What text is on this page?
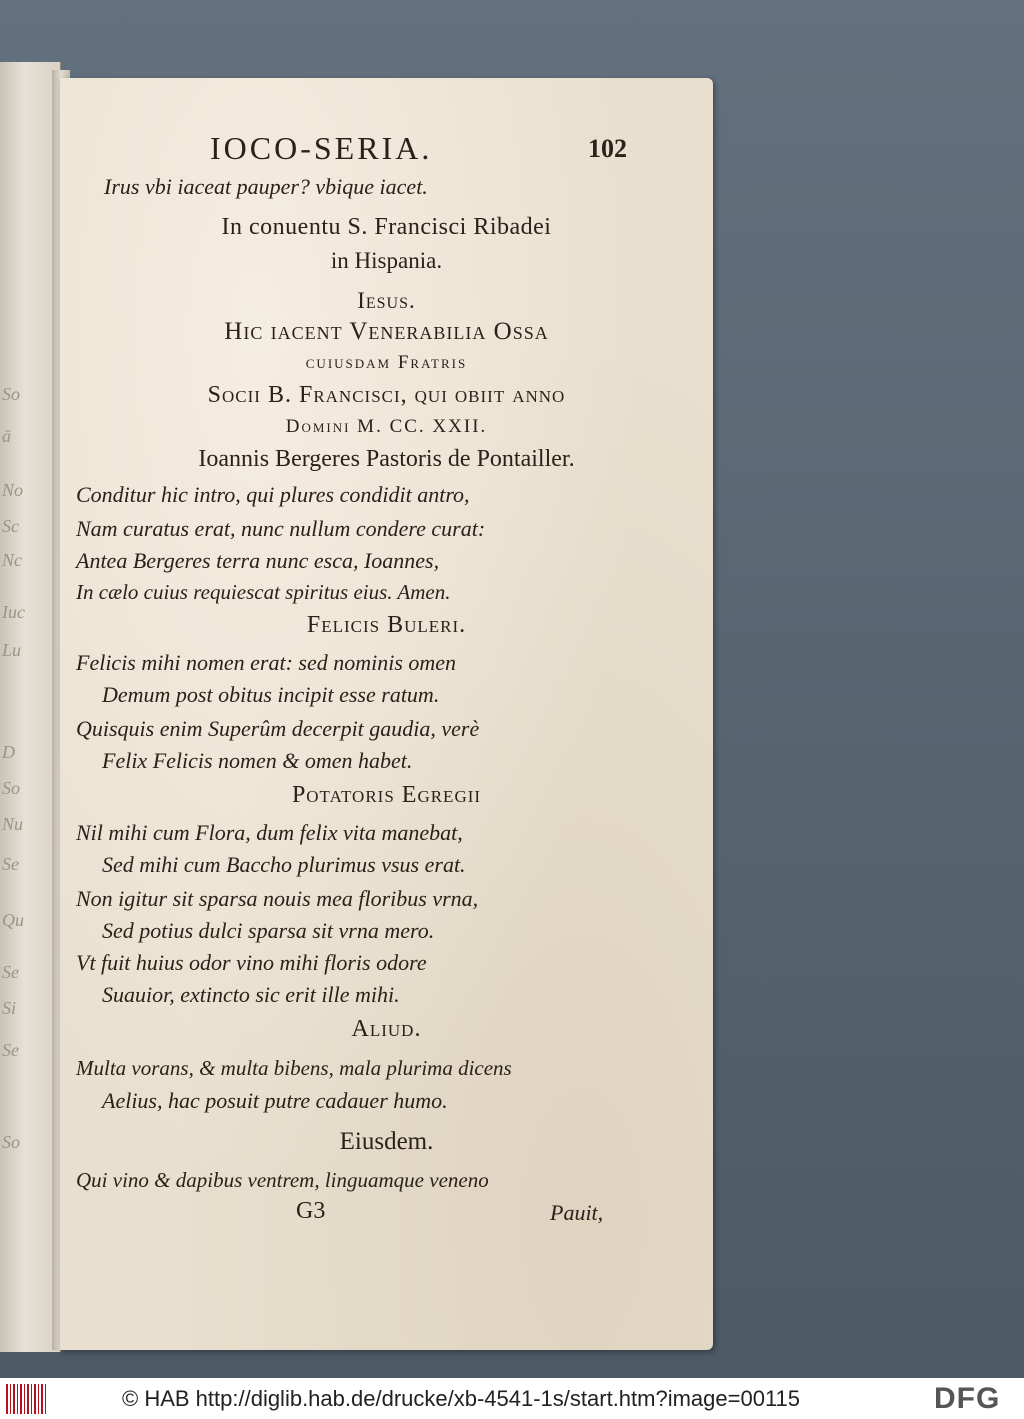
So
ā
No
Sc
Nc
Iuc
Lu
D
So
Nu
Se
Qu
Se
Si
Se
So
IOCO-SERIA.	102
Irus vbi iaceat pauper? vbique iacet.
In conuentu S. Francisci Ribadei
in Hispania.
Iesus.
Hic iacent Venerabilia Ossa
cuiusdam Fratris
Socii B. Francisci, qui obiit anno
Domini M. CC. XXII.
Ioannis Bergeres Pastoris de Pontailler.
Conditur hic intro, qui plures condidit antro,
Nam curatus erat, nunc nullum condere curat:
Antea Bergeres terra nunc esca, Ioannes,
In cælo cuius requiescat spiritus eius. Amen.
Felicis Buleri.
Felicis mihi nomen erat: sed nominis omen
Demum post obitus incipit esse ratum.
Quisquis enim Superûm decerpit gaudia, verè
Felix Felicis nomen & omen habet.
Potatoris Egregii
Nil mihi cum Flora, dum felix vita manebat,
Sed mihi cum Baccho plurimus vsus erat.
Non igitur sit sparsa nouis mea floribus vrna,
Sed potius dulci sparsa sit vrna mero.
Vt fuit huius odor vino mihi floris odore
Suauior, extincto sic erit ille mihi.
Aliud.
Multa vorans, & multa bibens, mala plurima dicens
Aelius, hac posuit putre cadauer humo.
Eiusdem.
Qui vino & dapibus ventrem, linguamque veneno
G3	Pauit,
© HAB http://diglib.hab.de/drucke/xb-4541-1s/start.htm?image=00115	DFG
